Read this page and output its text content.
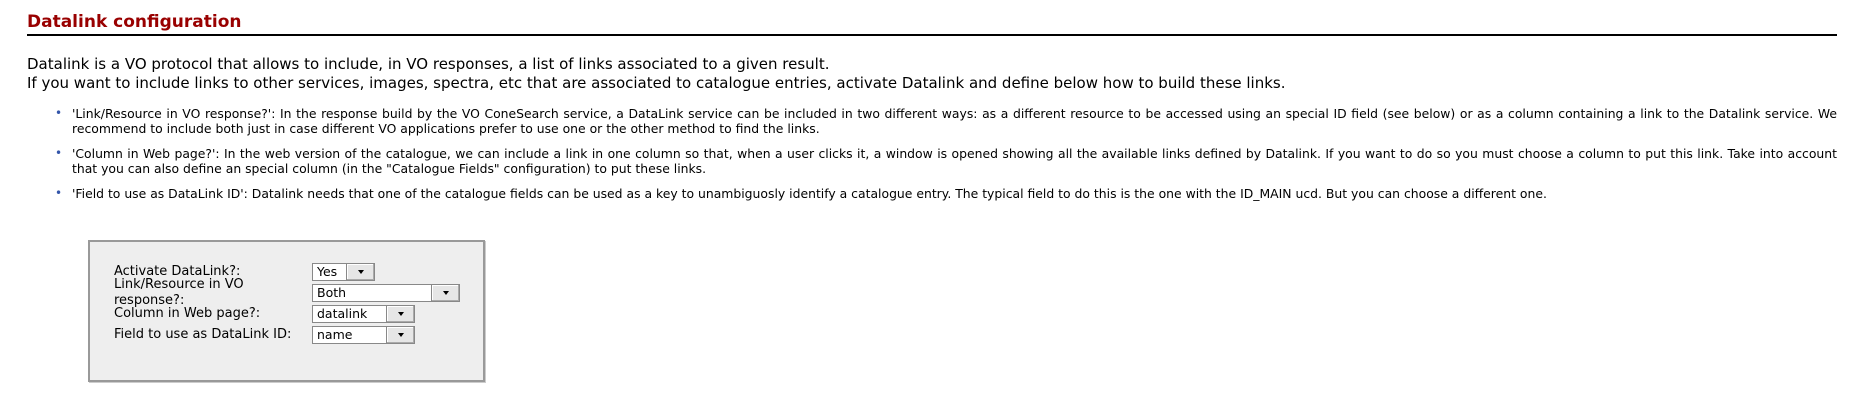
Datalink configuration

Datalink is a VO protocol that allows to include, in VO responses, a list of links associated to a given result.

If you want to include links to other services, images, spectra, etc that are associated to catalogue entries, activate Datalink and define below how to build these links.

• 'Link/Resource in VO response?': In the response build by the VO ConeSearch service, a DataLink service can be included in two different ways: as a different resource to be accessed using an special ID field (see below) or as a column containing a link to the Datalink service. We recommend to include both just in case different VO applications prefer to use one or the other method to find the links.
• 'Column in Web page?': In the web version of the catalogue, we can include a link in one column so that, when a user clicks it, a window is opened showing all the available links defined by Datalink. If you want to do so you must choose a column to put this link. Take into account that you can also define an special column (in the "Catalogue Fields" configuration) to put these links.
• 'Field to use as DataLink ID': Datalink needs that one of the catalogue fields can be used as a key to unambiguosly identify a catalogue entry. The typical field to do this is the one with the ID_MAIN ucd. But you can choose a different one.
Activate DataLink?:	Yes
Link/Resource in VO response?:
Both
Column in Web page?:	datalink
Field to use as DataLink ID:	name
